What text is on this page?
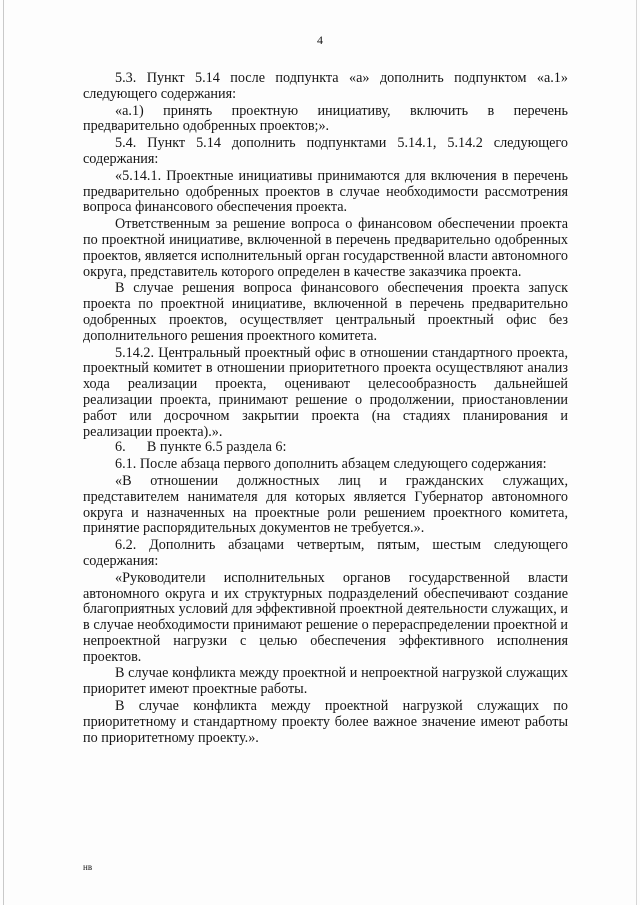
4

5.3. Пункт 5.14 после подпункта «а» дополнить подпунктом «а.1» следующего содержания:

«а.1) принять проектную инициативу, включить в перечень предварительно одобренных проектов;».

5.4. Пункт 5.14 дополнить подпунктами 5.14.1, 5.14.2 следующего содержания:

«5.14.1. Проектные инициативы принимаются для включения в перечень предварительно одобренных проектов в случае необходимости рассмотрения вопроса финансового обеспечения проекта.

Ответственным за решение вопроса о финансовом обеспечении проекта по проектной инициативе, включенной в перечень предварительно одобренных проектов, является исполнительный орган государственной власти автономного округа, представитель которого определен в качестве заказчика проекта.

В случае решения вопроса финансового обеспечения проекта запуск проекта по проектной инициативе, включенной в перечень предварительно одобренных проектов, осуществляет центральный проектный офис без дополнительного решения проектного комитета.

5.14.2. Центральный проектный офис в отношении стандартного проекта, проектный комитет в отношении приоритетного проекта осуществляют анализ хода реализации проекта, оценивают целесообразность дальнейшей реализации проекта, принимают решение о продолжении, приостановлении работ или досрочном закрытии проекта (на стадиях планирования и реализации проекта).».

6.      В пункте 6.5 раздела 6:

6.1. После абзаца первого дополнить абзацем следующего содержания:

«В отношении должностных лиц и гражданских служащих, представителем нанимателя для которых является Губернатор автономного округа и назначенных на проектные роли решением проектного комитета, принятие распорядительных документов не требуется.».

6.2. Дополнить абзацами четвертым, пятым, шестым следующего содержания:

«Руководители исполнительных органов государственной власти автономного округа и их структурных подразделений обеспечивают создание благоприятных условий для эффективной проектной деятельности служащих, и в случае необходимости принимают решение о перераспределении проектной и непроектной нагрузки с целью обеспечения эффективного исполнения проектов.

В случае конфликта между проектной и непроектной нагрузкой служащих приоритет имеют проектные работы.

В случае конфликта между проектной нагрузкой служащих по приоритетному и стандартному проекту более важное значение имеют работы по приоритетному проекту.».

нв
